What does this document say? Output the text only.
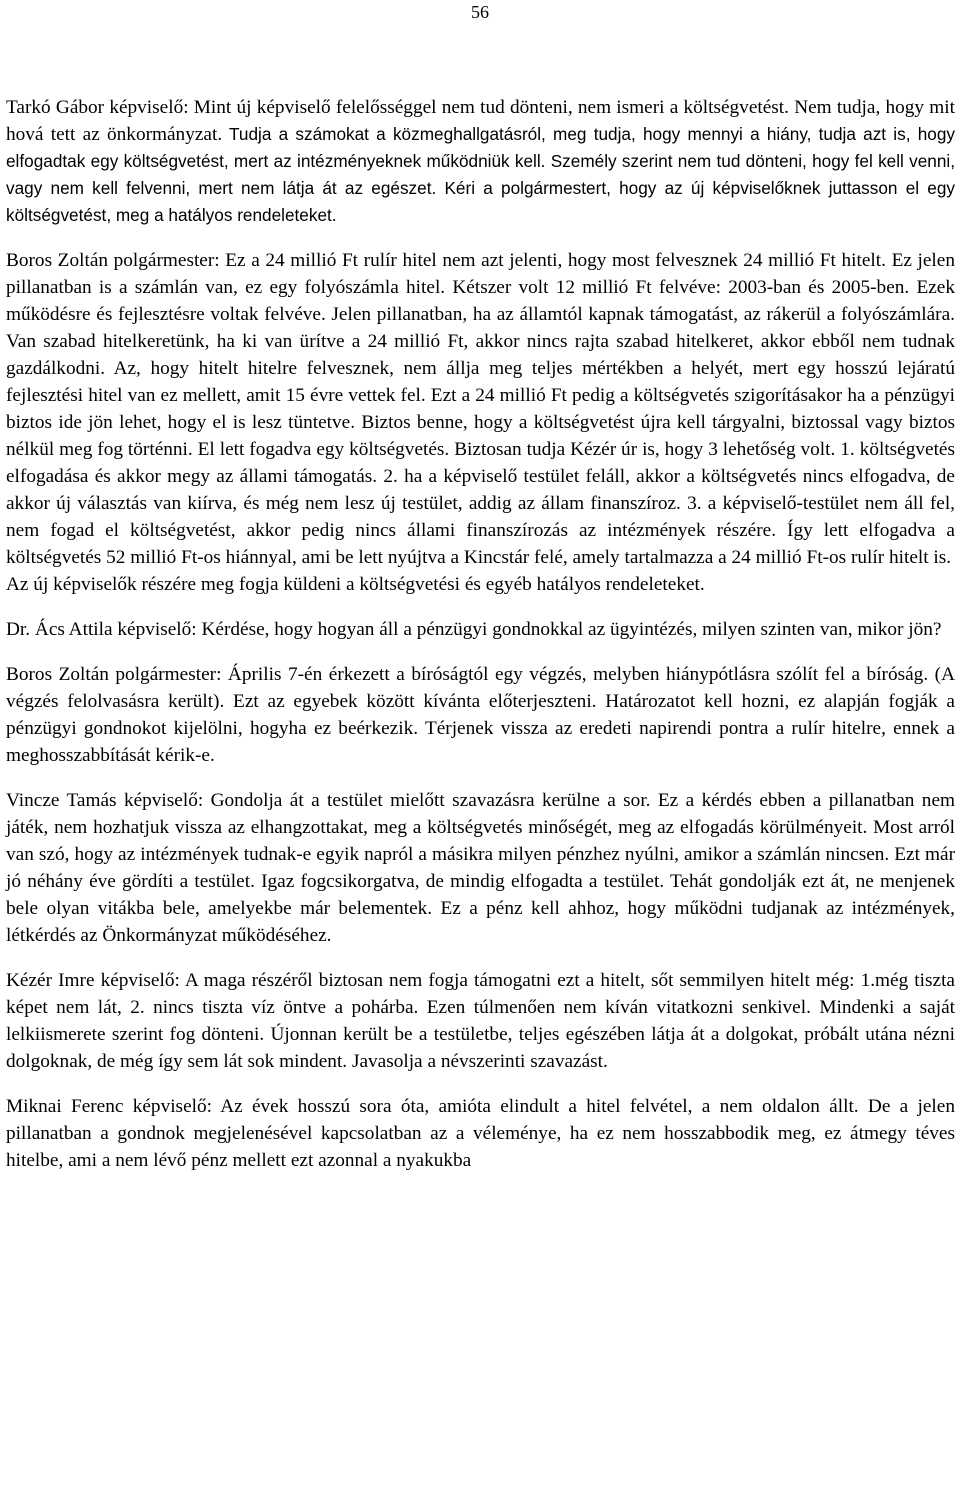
56

Tarkó Gábor képviselő: Mint új képviselő felelősséggel nem tud dönteni, nem ismeri a költségvetést. Nem tudja, hogy mit hová tett az önkormányzat. Tudja a számokat a közmeghallgatásról, meg tudja, hogy mennyi a hiány, tudja azt is, hogy elfogadtak egy költségvetést, mert az intézményeknek működniük kell. Személy szerint nem tud dönteni, hogy fel kell venni, vagy nem kell felvenni, mert nem látja át az egészet. Kéri a polgármestert, hogy az új képviselőknek juttasson el egy költségvetést, meg a hatályos rendeleteket.

Boros Zoltán polgármester: Ez a 24 millió Ft rulír hitel nem azt jelenti, hogy most felvesznek 24 millió Ft hitelt. Ez jelen pillanatban is a számlán van, ez egy folyószámla hitel. Kétszer volt 12 millió Ft felvéve: 2003-ban és 2005-ben. Ezek működésre és fejlesztésre voltak felvéve. Jelen pillanatban, ha az államtól kapnak támogatást, az rákerül a folyószámlára. Van szabad hitelkeretünk, ha ki van ürítve a 24 millió Ft, akkor nincs rajta szabad hitelkeret, akkor ebből nem tudnak gazdálkodni. Az, hogy hitelt hitelre felvesznek, nem állja meg teljes mértékben a helyét, mert egy hosszú lejáratú fejlesztési hitel van ez mellett, amit 15 évre vettek fel. Ezt a 24 millió Ft pedig a költségvetés szigorításakor ha a pénzügyi biztos ide jön lehet, hogy el is lesz tüntetve. Biztos benne, hogy a költségvetést újra kell tárgyalni, biztossal vagy biztos nélkül meg fog történni. El lett fogadva egy költségvetés. Biztosan tudja Kézér úr is, hogy 3 lehetőség volt. 1. költségvetés elfogadása és akkor megy az állami támogatás. 2. ha a képviselő testület feláll, akkor a költségvetés nincs elfogadva, de akkor új választás van kiírva, és még nem lesz új testület, addig az állam finanszíroz. 3. a képviselő-testület nem áll fel, nem fogad el költségvetést, akkor pedig nincs állami finanszírozás az intézmények részére. Így lett elfogadva a költségvetés 52 millió Ft-os hiánnyal, ami be lett nyújtva a Kincstár felé, amely tartalmazza a 24 millió Ft-os rulír hitelt is.

Az új képviselők részére meg fogja küldeni a költségvetési és egyéb hatályos rendeleteket.

Dr. Ács Attila képviselő: Kérdése, hogy hogyan áll a pénzügyi gondnokkal az ügyintézés, milyen szinten van, mikor jön?

Boros Zoltán polgármester: Április 7-én érkezett a bíróságtól egy végzés, melyben hiánypótlásra szólít fel a bíróság. (A végzés felolvasásra került). Ezt az egyebek között kívánta előterjeszteni. Határozatot kell hozni, ez alapján fogják a pénzügyi gondnokot kijelölni, hogyha ez beérkezik. Térjenek vissza az eredeti napirendi pontra a rulír hitelre, ennek a meghosszabbítását kérik-e.

Vincze Tamás képviselő: Gondolja át a testület mielőtt szavazásra kerülne a sor. Ez a kérdés ebben a pillanatban nem játék, nem hozhatjuk vissza az elhangzottakat, meg a költségvetés minőségét, meg az elfogadás körülményeit. Most arról van szó, hogy az intézmények tudnak-e egyik napról a másikra milyen pénzhez nyúlni, amikor a számlán nincsen. Ezt már jó néhány éve gördíti a testület. Igaz fogcsikorgatva, de mindig elfogadta a testület. Tehát gondolják ezt át, ne menjenek bele olyan vitákba bele, amelyekbe már belementek. Ez a pénz kell ahhoz, hogy működni tudjanak az intézmények, létkérdés az Önkormányzat működéséhez.

Kézér Imre képviselő: A maga részéről biztosan nem fogja támogatni ezt a hitelt, sőt semmilyen hitelt még: 1.még tiszta képet nem lát, 2. nincs tiszta víz öntve a pohárba. Ezen túlmenően nem kíván vitatkozni senkivel. Mindenki a saját lelkiismerete szerint fog dönteni. Újonnan került be a testületbe, teljes egészében látja át a dolgokat, próbált utána nézni dolgoknak, de még így sem lát sok mindent. Javasolja a névszerinti szavazást.

Miknai Ferenc képviselő: Az évek hosszú sora óta, amióta elindult a hitel felvétel, a nem oldalon állt. De a jelen pillanatban a gondnok megjelenésével kapcsolatban az a véleménye, ha ez nem hosszabbodik meg, ez átmegy téves hitelbe, ami a nem lévő pénz mellett ezt azonnal a nyakukba
